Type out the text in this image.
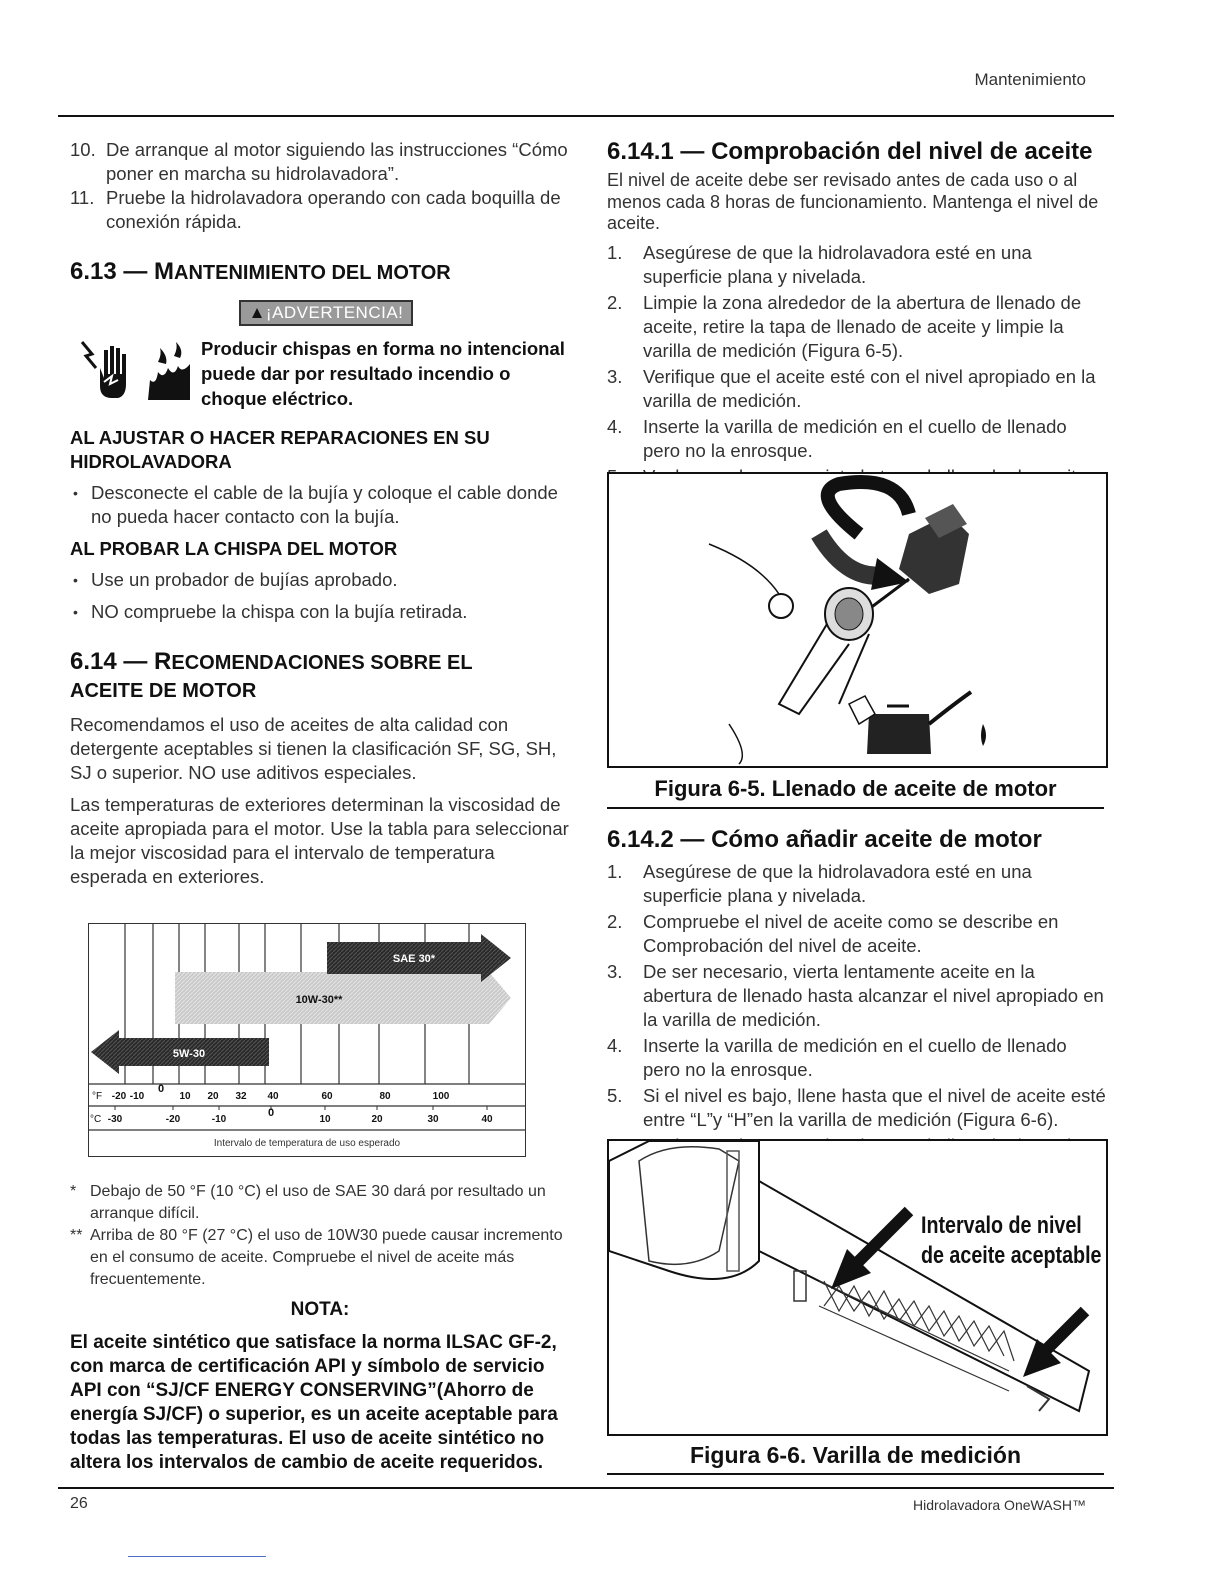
Mantenimiento
26	Hidrolavadora OneWASH™
10. De arranque al motor siguiendo las instrucciones “Cómo poner en marcha su hidrolavadora”.
11. Pruebe la hidrolavadora operando con cada boquilla de conexión rápida.
6.13 — MANTENIMIENTO DEL MOTOR
▲¡ADVERTENCIA!
Producir chispas en forma no intencional puede dar por resultado incendio o choque eléctrico.

AL AJUSTAR O HACER REPARACIONES EN SU HIDROLAVADORA

• Desconecte el cable de la bujía y coloque el cable donde no pueda hacer contacto con la bujía.

AL PROBAR LA CHISPA DEL MOTOR

• Use un probador de bujías aprobado.
• NO compruebe la chispa con la bujía retirada.
6.14 — RECOMENDACIONES SOBRE EL
ACEITE DE MOTOR

Recomendamos el uso de aceites de alta calidad con detergente aceptables si tienen la clasificación SF, SG, SH, SJ o superior. NO use aditivos especiales.

Las temperaturas de exteriores determinan la viscosidad de aceite apropiada para el motor. Use la tabla para seleccionar la mejor viscosidad para el intervalo de temperatura esperada en exteriores.

SAE 30*
10W-30**
5W-30
°F -20 -10
0
10 20 32 40	60	80	100
°C -30	-20	-10
0
10	20	30	40
Intervalo de temperatura de uso esperado
* Debajo de 50 °F (10 °C) el uso de SAE 30 dará por resultado un arranque difícil.
** Arriba de 80 °F (27 °C) el uso de 10W30 puede causar incremento en el consumo de aceite. Compruebe el nivel de aceite más frecuentemente.
NOTA:
El aceite sintético que satisface la norma ILSAC GF-2, con marca de certificación API y símbolo de servicio API con “SJ/CF ENERGY CONSERVING”(Ahorro de energía SJ/CF) o superior, es un aceite aceptable para todas las temperaturas. El uso de aceite sintético no altera los intervalos de cambio de aceite requeridos.
6.14.1 — Comprobación del nivel de aceite

El nivel de aceite debe ser revisado antes de cada uso o al menos cada 8 horas de funcionamiento. Mantenga el nivel de aceite.

1. Asegúrese de que la hidrolavadora esté en una superficie plana y nivelada.
2. Limpie la zona alrededor de la abertura de llenado de aceite, retire la tapa de llenado de aceite y limpie la varilla de medición (Figura 6-5).
3. Verifique que el aceite esté con el nivel apropiado en la varilla de medición.
4. Inserte la varilla de medición en el cuello de llenado pero no la enrosque.
Figura 6-5. Llenado de aceite de motor
6.14.2 — Cómo añadir aceite de motor
1. Asegúrese de que la hidrolavadora esté en una superficie plana y nivelada.
2. Compruebe el nivel de aceite como se describe en Comprobación del nivel de aceite.
3. De ser necesario, vierta lentamente aceite en la abertura de llenado hasta alcanzar el nivel apropiado en la varilla de medición.
4. Inserte la varilla de medición en el cuello de llenado pero no la enrosque.
5. Si el nivel es bajo, llene hasta que el nivel de aceite esté entre “L”y “H”en la varilla de medición (Figura 6-6).
Intervalo de nivel
de aceite aceptable
Figura 6-6. Varilla de medición
